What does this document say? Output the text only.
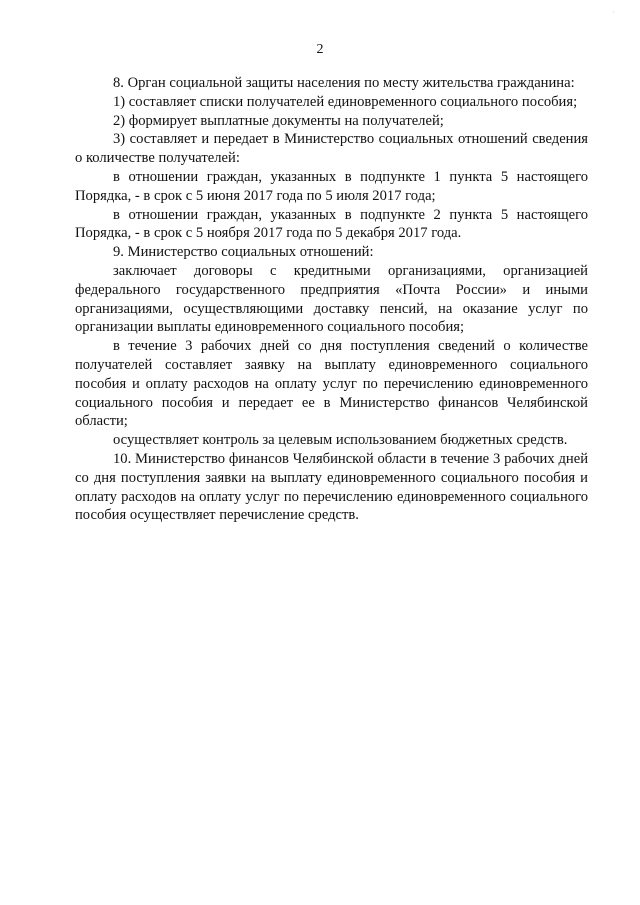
·
2

8. Орган социальной защиты населения по месту жительства гражданина:

1) составляет списки получателей единовременного социального пособия;

2) формирует выплатные документы на получателей;

3) составляет и передает в Министерство социальных отношений сведения о количестве получателей:

в отношении граждан, указанных в подпункте 1 пункта 5 настоящего Порядка, - в срок с 5 июня 2017 года по 5 июля 2017 года;

в отношении граждан, указанных в подпункте 2 пункта 5 настоящего Порядка, - в срок с 5 ноября 2017 года по 5 декабря 2017 года.

9. Министерство социальных отношений:

заключает договоры с кредитными организациями, организацией федерального государственного предприятия «Почта России» и иными организациями, осуществляющими доставку пенсий, на оказание услуг по организации выплаты единовременного социального пособия;

в течение 3 рабочих дней со дня поступления сведений о количестве получателей составляет заявку на выплату единовременного социального пособия и оплату расходов на оплату услуг по перечислению единовременного социального пособия и передает ее в Министерство финансов Челябинской области;

осуществляет контроль за целевым использованием бюджетных средств.

10. Министерство финансов Челябинской области в течение 3 рабочих дней со дня поступления заявки на выплату единовременного социального пособия и оплату расходов на оплату услуг по перечислению единовременного социального пособия осуществляет перечисление средств.
